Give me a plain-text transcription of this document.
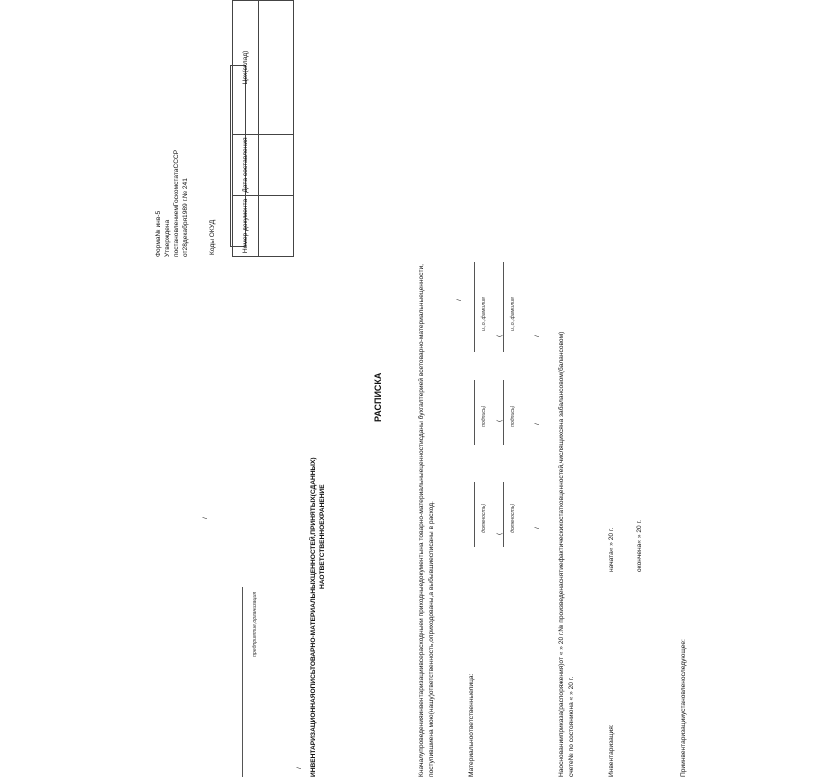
Форма№ инв-5 Утверждена постановлениемГоскомстатаСССР от28декабря1989 г.№ 241	Коды ОКУД	Номер документа	Дата составления	Цех(склад)

/
предприятие,организация
/ ИНВЕНТАРИЗАЦИОННАЯОПИСЬТОВАРНО-МАТЕРИАЛЬНЫХЦЕННОСТЕЙ,ПРИНЯТЫХ(СДАННЫХ) НАОТВЕТСТВЕННОЕХРАНЕНИЕ
РАСПИСКА	Кначалупроведенияинвентаризациивсерасходныеи приходныедокументына товарно-материальныеценностисданы бухгалтерией всетоварно-материальныеценности, поступившиена мою(нашу)ответственность,оприходованы,а выбывшиесписаны в расход.
/
Материальноответственныелица:
должность)
подпись)
и.,о.,фамилия
(
(
(
должность)
подпись)
и.,о.,фамилия
/
/
/	Наоснованииприказа(распоряжения)от « » 20 г.№ произведенаснятиефактическихостатковценностей,числящихсяна забалансовом(балансовом) счете№ по состояниюна « » 20 г.	Инвентаризация:
начата« » 20 г.	окончена« » 20 г.
Приинвентаризацииустановленоследующее:
